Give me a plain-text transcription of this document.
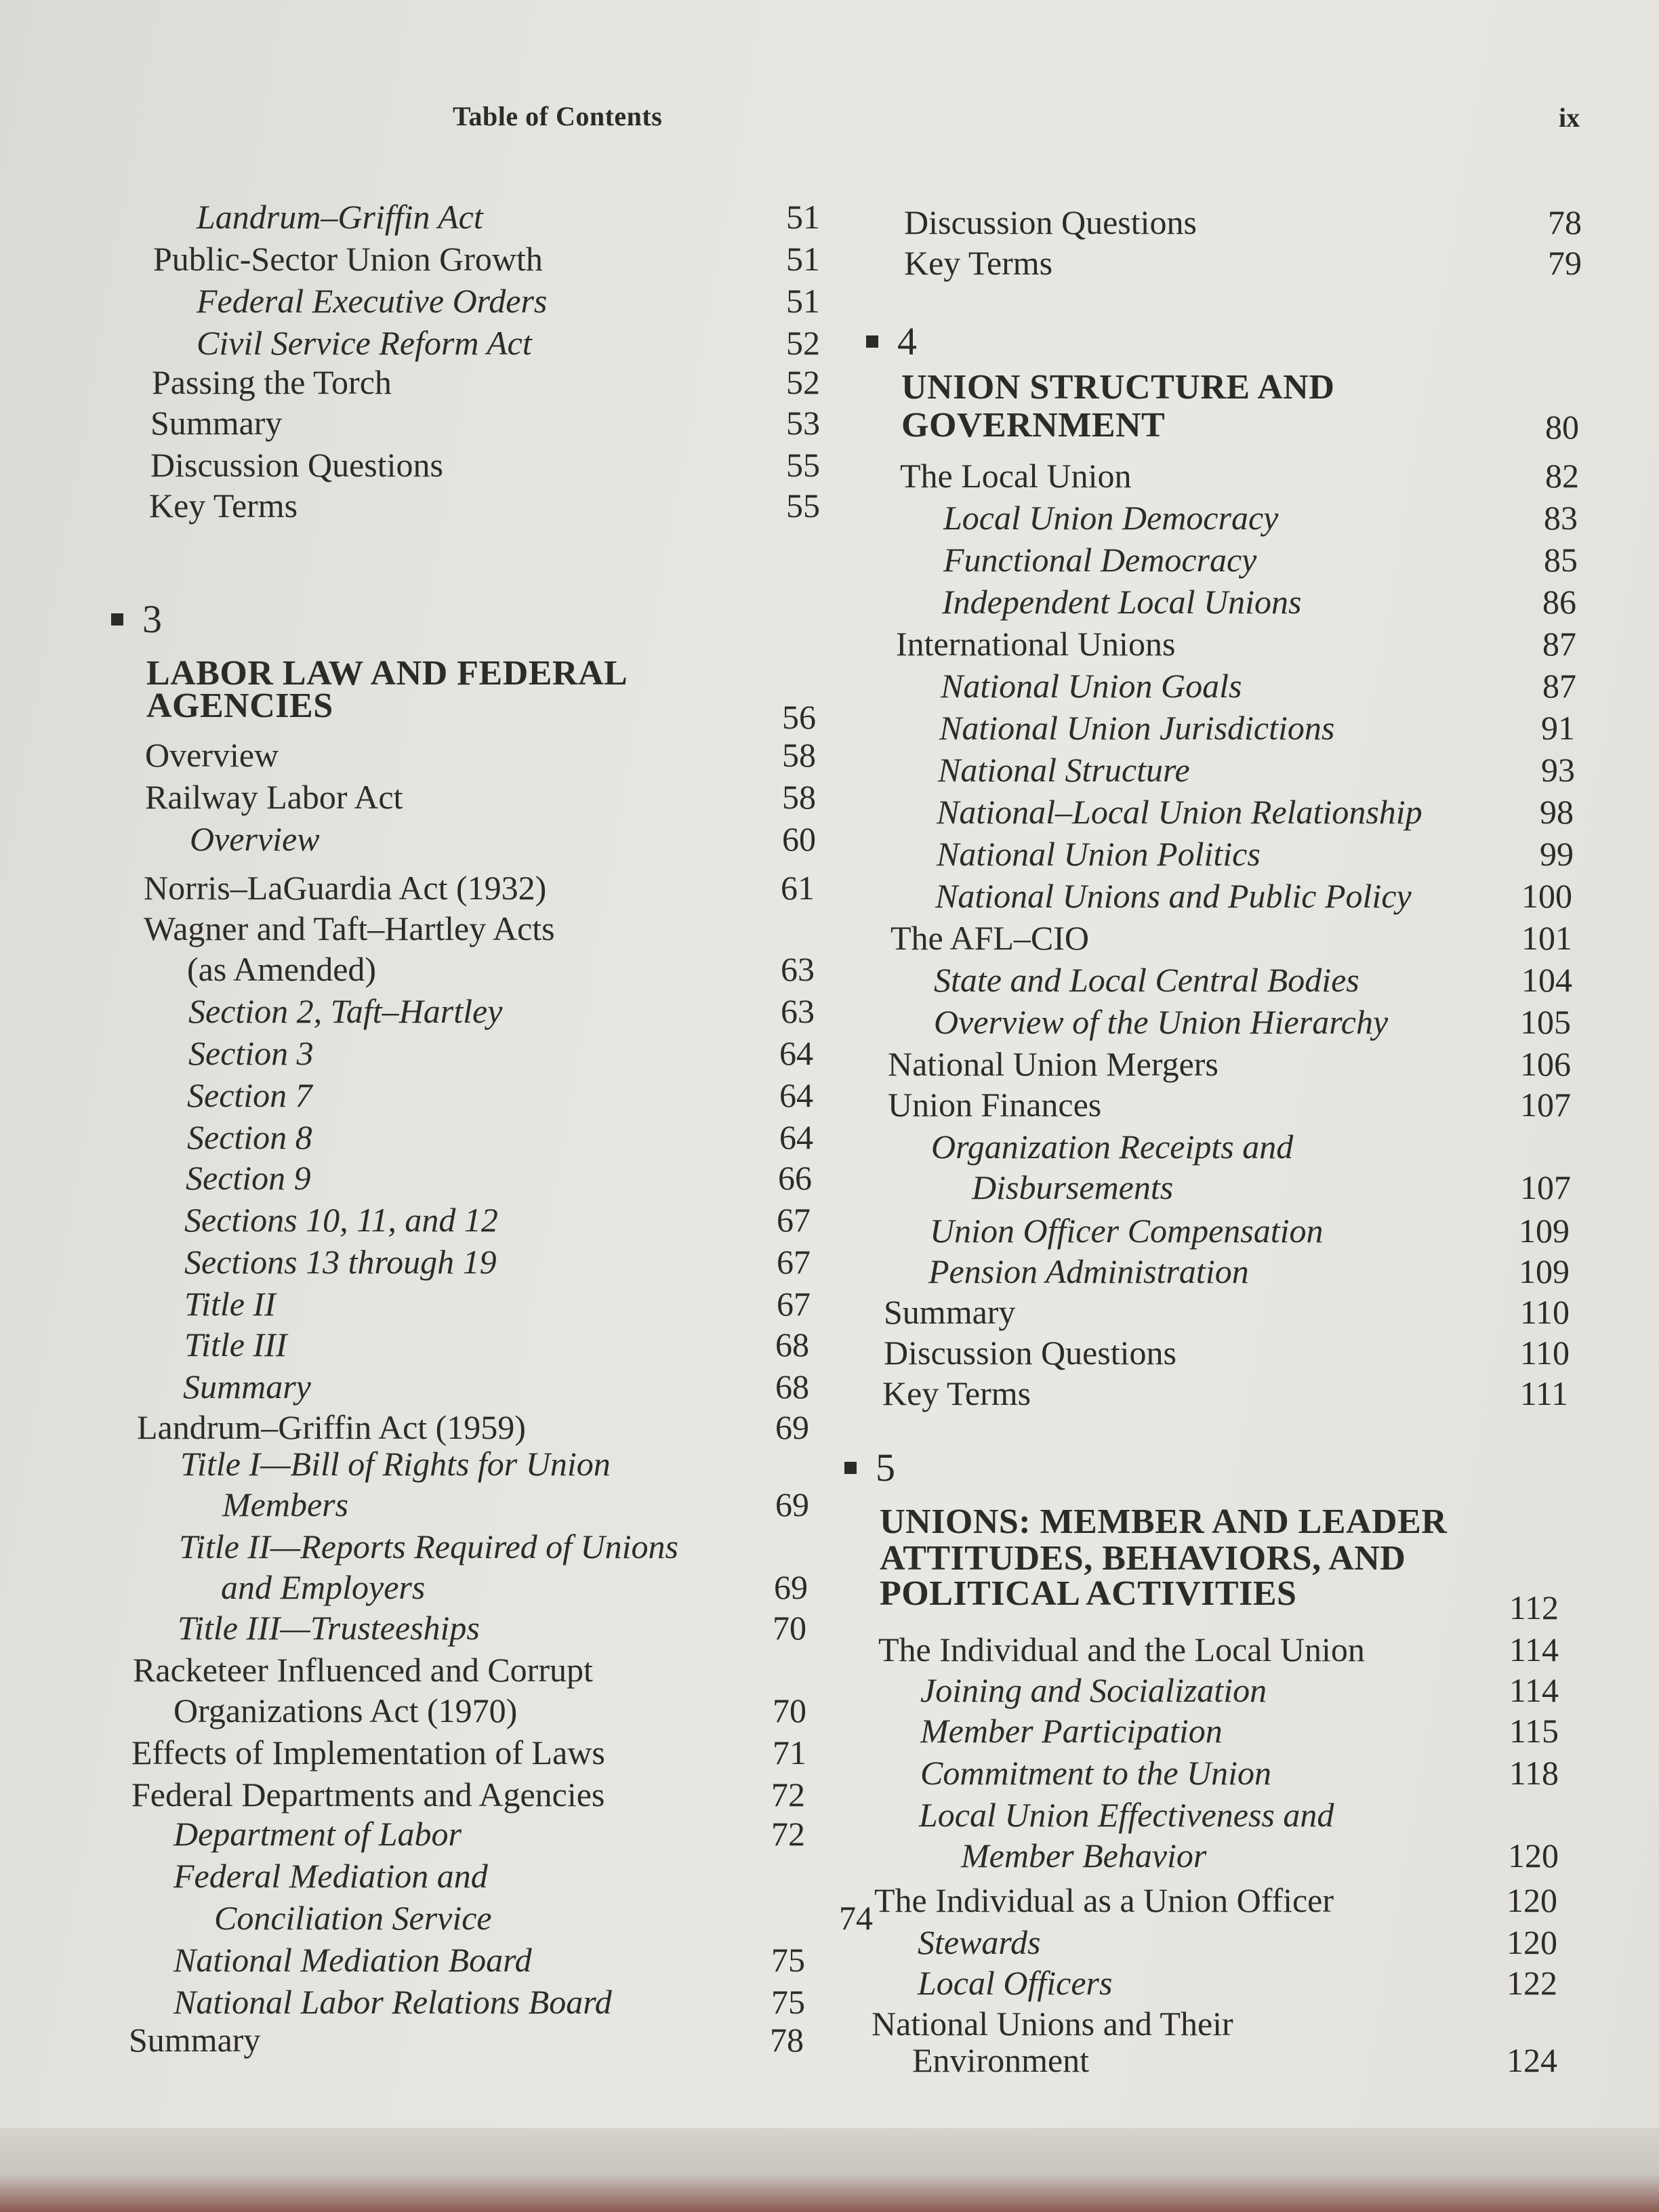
Table of Contents	ix
Landrum–Griffin Act	51
Public-Sector Union Growth	51
Federal Executive Orders	51
Civil Service Reform Act	52
Passing the Torch	52
Summary	53
Discussion Questions	55
Key Terms	55
3
LABOR LAW AND FEDERAL
AGENCIES	56
Overview	58
Railway Labor Act	58
Overview	60
Norris–LaGuardia Act (1932)	61
Wagner and Taft–Hartley Acts
(as Amended)	63
Section 2, Taft–Hartley	63
Section 3	64
Section 7	64
Section 8	64
Section 9	66
Sections 10, 11, and 12	67
Sections 13 through 19	67
Title II	67
Title III	68
Summary	68
Landrum–Griffin Act (1959)	69
Title I—Bill of Rights for Union
Members	69
Title II—Reports Required of Unions
and Employers	69
Title III—Trusteeships	70
Racketeer Influenced and Corrupt
Organizations Act (1970)	70
Effects of Implementation of Laws	71
Federal Departments and Agencies	72
Department of Labor	72
Federal Mediation and
Conciliation Service	74
National Mediation Board	75
National Labor Relations Board	75
Summary	78
Discussion Questions	78
Key Terms	79
4
UNION STRUCTURE AND
GOVERNMENT	80
The Local Union	82
Local Union Democracy	83
Functional Democracy	85
Independent Local Unions	86
International Unions	87
National Union Goals	87
National Union Jurisdictions	91
National Structure	93
National–Local Union Relationship	98
National Union Politics	99
National Unions and Public Policy	100
The AFL–CIO	101
State and Local Central Bodies	104
Overview of the Union Hierarchy	105
National Union Mergers	106
Union Finances	107
Organization Receipts and
Disbursements	107
Union Officer Compensation	109
Pension Administration	109
Summary	110
Discussion Questions	110
Key Terms	111
5
UNIONS: MEMBER AND LEADER
ATTITUDES, BEHAVIORS, AND
POLITICAL ACTIVITIES	112
The Individual and the Local Union	114
Joining and Socialization	114
Member Participation	115
Commitment to the Union	118
Local Union Effectiveness and
Member Behavior	120
The Individual as a Union Officer	120
Stewards	120
Local Officers	122
National Unions and Their
Environment	124
